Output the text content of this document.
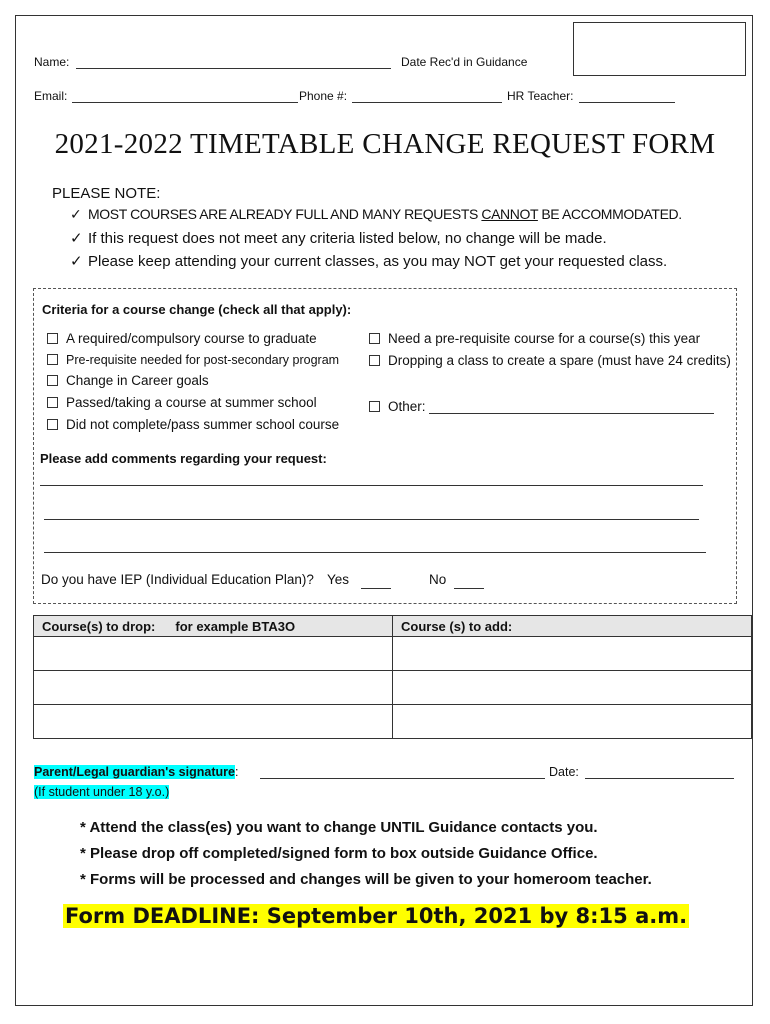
Name:	Date Rec'd in Guidance
Email:	Phone #:	HR Teacher:
2021-2022 TIMETABLE CHANGE REQUEST FORM
PLEASE NOTE:
✓ MOST COURSES ARE ALREADY FULL AND MANY REQUESTS CANNOT BE ACCOMMODATED.
✓ If this request does not meet any criteria listed below, no change will be made.
✓ Please keep attending your current classes, as you may NOT get your requested class.
Criteria for a course change (check all that apply):
A required/compulsory course to graduate
Pre-requisite needed for post-secondary program
Change in Career goals
Passed/taking a course at summer school
Did not complete/pass summer school course
Need a pre-requisite course for a course(s) this year
Dropping a class to create a spare (must have 24 credits)
Other:
Please add comments regarding your request:
Do you have IEP (Individual Education Plan)? Yes	No
Course(s) to drop: for example BTA3O	Course (s) to add:

Parent/Legal guardian's signature:	Date:
(If student under 18 y.o.)
* Attend the class(es) you want to change UNTIL Guidance contacts you.
* Please drop off completed/signed form to box outside Guidance Office.
* Forms will be processed and changes will be given to your homeroom teacher.
Form DEADLINE: September 10th, 2021 by 8:15 a.m.
